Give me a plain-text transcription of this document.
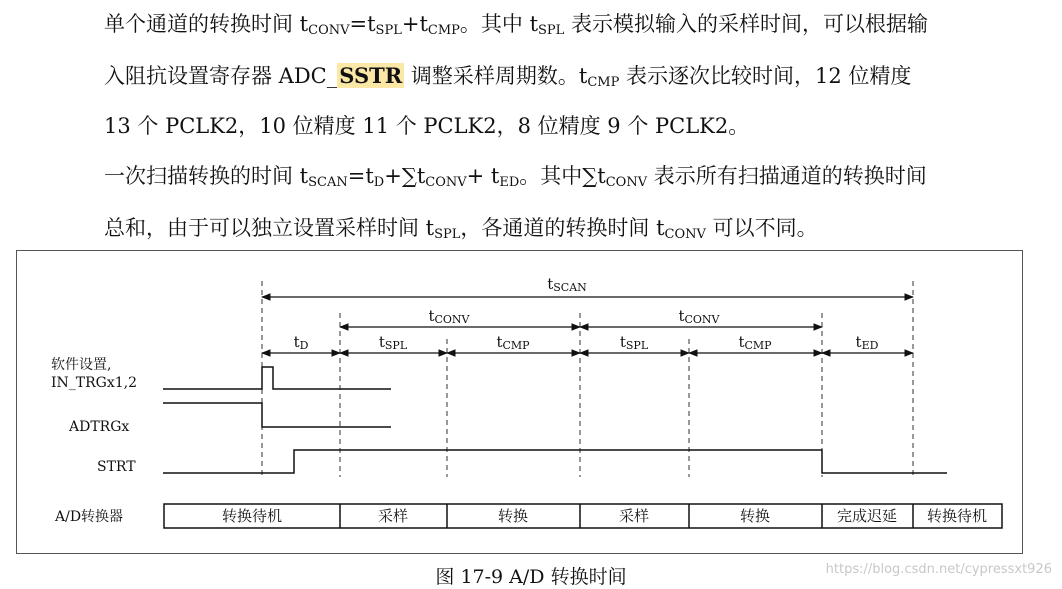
单个通道的转换时间 $t_{CONV}=t_{SPL}+t_{CMP}$。其中 $t_{SPL}$ 表示模拟输入的采样时间，可以根据输
入阻抗设置寄存器 ADC_SSTR 调整采样周期数。$t_{CMP}$ 表示逐次比较时间，12 位精度
13 个 PCLK2，10 位精度 11 个 PCLK2，8 位精度 9 个 PCLK2。
一次扫描转换的时间 $t_{SCAN}=t_D+\sum t_{CONV}+ t_{ED}$。其中$\sum t_{CONV}$ 表示所有扫描通道的转换时间
总和，由于可以独立设置采样时间 $t_{SPL}$，各通道的转换时间 $t_{CONV}$ 可以不同。
tSCAN
tCONV	tCONV
tD	tSPL	tCMP	tSPL	tCMP	tED
软件设置,
IN_TRGx1,2
ADTRGx
STRT
A/D转换器	转换待机	采样	转换	采样	转换	完成迟延 转换待机
图 17-9 A/D 转换时间	https://blog.csdn.net/cypressxt926
